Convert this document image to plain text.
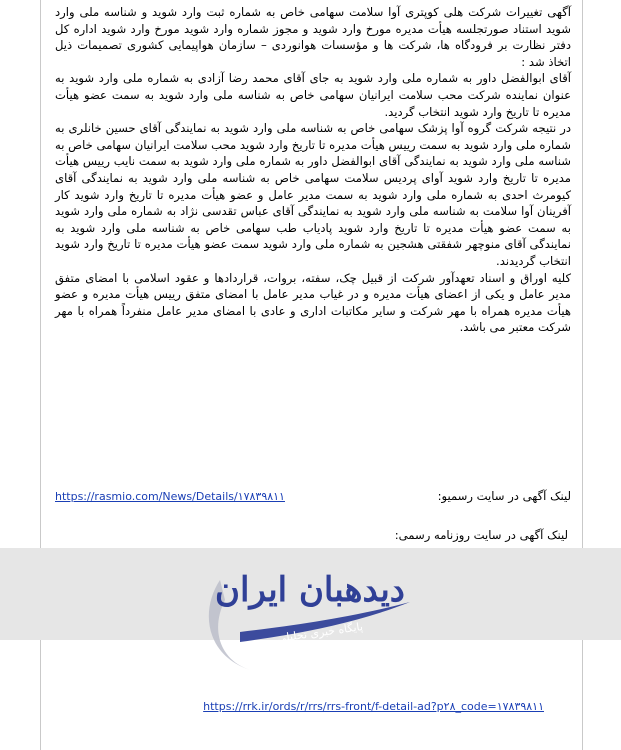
آگهی تغییرات شرکت هلی کوپتری آوا سلامت سهامی خاص به شماره ثبت وارد شوید و شناسه ملی وارد شوید استناد صورتجلسه هیأت مدیره مورخ وارد شوید و مجوز شماره وارد شوید مورخ وارد شوید اداره کل دفتر نظارت بر فرودگاه ها، شرکت ها و مؤسسات هوانوردی – سازمان هواپیمایی کشوری تصمیمات ذیل اتخاذ شد :

آقای ابوالفضل داور به شماره ملی وارد شوید به جای آقای محمد رضا آزادی به شماره ملی وارد شوید به عنوان نماینده شرکت محب سلامت ایرانیان سهامی خاص به شناسه ملی وارد شوید به سمت عضو هیأت مدیره تا تاریخ وارد شوید انتخاب گردید.

در نتیجه شرکت گروه آوا پزشک سهامی خاص به شناسه ملی وارد شوید به نمایندگی آقای حسین خانلری به شماره ملی وارد شوید به سمت رییس هیأت مدیره تا تاریخ وارد شوید محب سلامت ایرانیان سهامی خاص به شناسه ملی وارد شوید به نمایندگی آقای ابوالفضل داور به شماره ملی وارد شوید به سمت نایب رییس هیأت مدیره تا تاریخ وارد شوید آوای پردیس سلامت سهامی خاص به شناسه ملی وارد شوید به نمایندگی آقای کیومرث احدی به شماره ملی وارد شوید به سمت مدیر عامل و عضو هیأت مدیره تا تاریخ وارد شوید کار آفرینان آوا سلامت به شناسه ملی وارد شوید به نمایندگی آقای عباس تقدسی نژاد به شماره ملی وارد شوید به سمت عضو هیأت مدیره تا تاریخ وارد شوید پادیاب طب سهامی خاص به شناسه ملی وارد شوید به نمایندگی آقای منوچهر شفقتی هشجین به شماره ملی وارد شوید سمت عضو هیأت مدیره تا تاریخ وارد شوید انتخاب گردیدند.

کلیه اوراق و اسناد تعهدآور شرکت از قبیل چک، سفته، بروات، قراردادها و عقود اسلامی با امضای متفق مدیر عامل و یکی از اعضای هیأت مدیره و در غیاب مدیر عامل با امضای متفق رییس هیأت مدیره و عضو هیأت مدیره همراه با مهر شرکت و سایر مکاتبات اداری و عادی با امضای مدیر عامل منفرداً همراه با مهر شرکت معتبر می باشد.

https://rasmio.com/News/Details/۱۷۸۳۹۸۱۱	لینک آگهی در سایت رسمیو:
لینک آگهی در سایت روزنامه رسمی:
دیدهبان ایران
پایگاه خبری تحلیلی
https://rrk.ir/ords/r/rrs/rrs-front/f-detail-ad?p۲۸_code=۱۷۸۳۹۸۱۱
